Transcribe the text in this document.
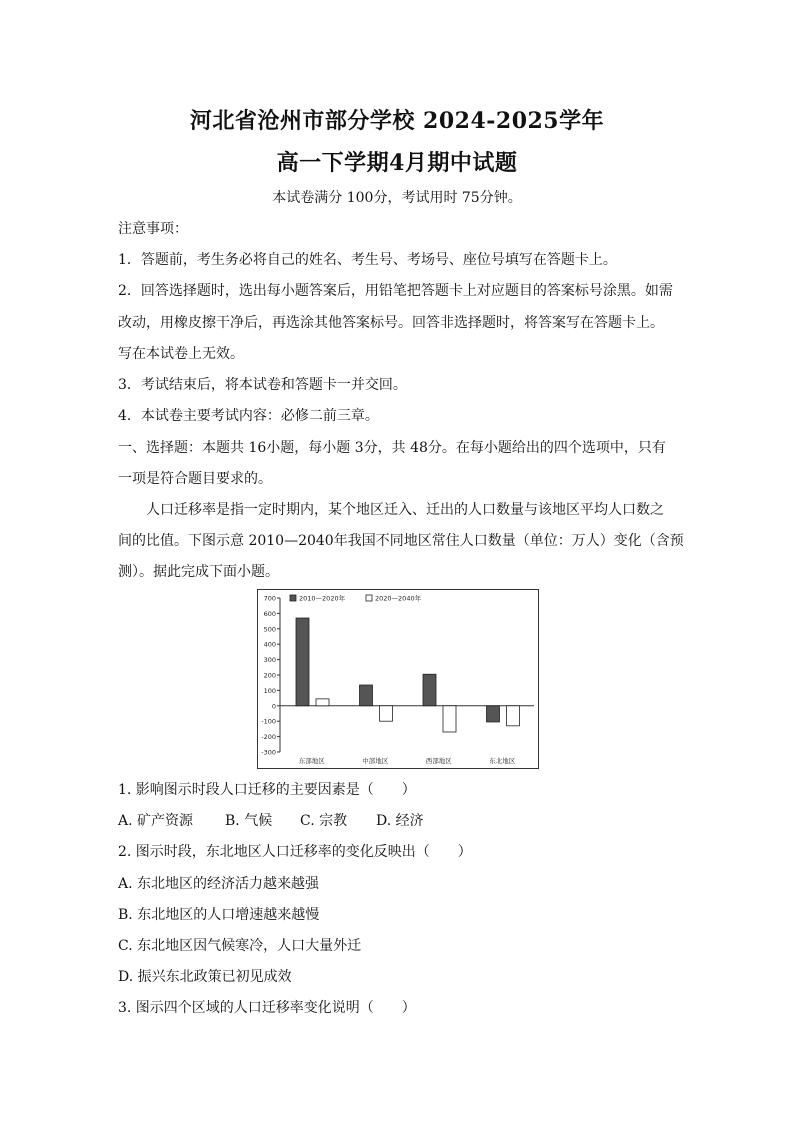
河北省沧州市部分学校 2024-2025学年
高一下学期4月期中试题
本试卷满分 100分，考试用时 75分钟。
注意事项：
1．答题前，考生务必将自己的姓名、考生号、考场号、座位号填写在答题卡上。
2．回答选择题时，选出每小题答案后，用铅笔把答题卡上对应题目的答案标号涂黑。如需
改动，用橡皮擦干净后，再选涂其他答案标号。回答非选择题时，将答案写在答题卡上。
写在本试卷上无效。
3．考试结束后，将本试卷和答题卡一并交回。
4．本试卷主要考试内容：必修二前三章。
一、选择题：本题共 16小题，每小题 3分，共 48分。在每小题给出的四个选项中，只有
一项是符合题目要求的。
人口迁移率是指一定时期内，某个地区迁入、迁出的人口数量与该地区平均人口数之
间的比值。下图示意 2010—2040年我国不同地区常住人口数量（单位：万人）变化（含预
测）。据此完成下面小题。
700
600
500
400
300
200
100
0
-100
-200
-300
东部地区	中部地区	西部地区	东北地区
2010—2020年	2020—2040年
1. 影响图示时段人口迁移的主要因素是（　　）
A. 矿产资源 B. 气候 C. 宗教 D. 经济
2. 图示时段，东北地区人口迁移率的变化反映出（　　）
A. 东北地区的经济活力越来越强
B. 东北地区的人口增速越来越慢
C. 东北地区因气候寒冷，人口大量外迁
D. 振兴东北政策已初见成效
3. 图示四个区域的人口迁移率变化说明（　　）
